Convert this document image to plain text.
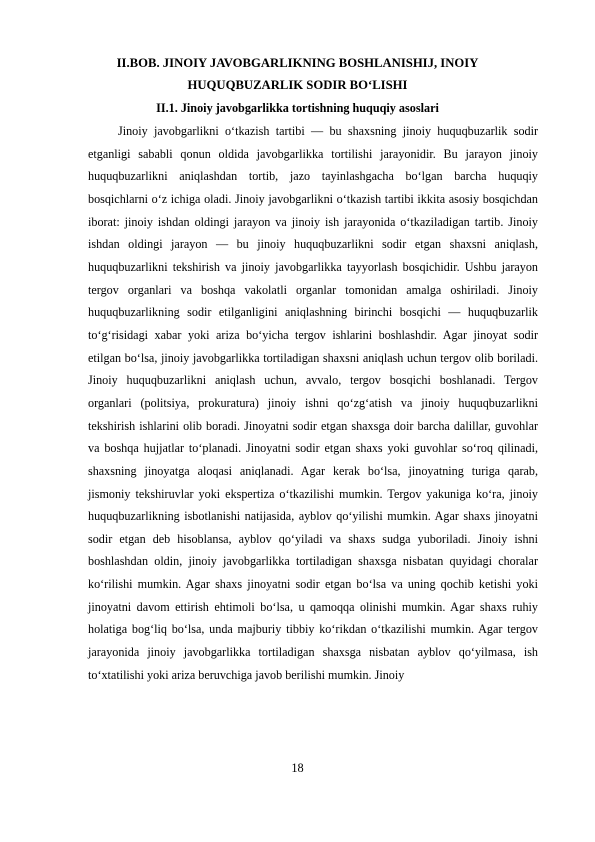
II.BOB. JINOIY JAVOBGARLIKNING BOSHLANISHIJ, INOIY HUQUQBUZARLIK SODIR BO‘LISHI
II.1. Jinoiy javobgarlikka tortishning huquqiy asoslari

Jinoiy javobgarlikni oʻtkazish tartibi — bu shaxsning jinoiy huquqbuzarlik sodir etganligi sababli qonun oldida javobgarlikka tortilishi jarayonidir. Bu jarayon jinoiy huquqbuzarlikni aniqlashdan tortib, jazo tayinlashgacha boʻlgan barcha huquqiy bosqichlarni oʻz ichiga oladi. Jinoiy javobgarlikni oʻtkazish tartibi ikkita asosiy bosqichdan iborat: jinoiy ishdan oldingi jarayon va jinoiy ish jarayonida oʻtkaziladigan tartib. Jinoiy ishdan oldingi jarayon — bu jinoiy huquqbuzarlikni sodir etgan shaxsni aniqlash, huquqbuzarlikni tekshirish va jinoiy javobgarlikka tayyorlash bosqichidir. Ushbu jarayon tergov organlari va boshqa vakolatli organlar tomonidan amalga oshiriladi. Jinoiy huquqbuzarlikning sodir etilganligini aniqlashning birinchi bosqichi — huquqbuzarlik toʻgʻrisidagi xabar yoki ariza boʻyicha tergov ishlarini boshlashdir. Agar jinoyat sodir etilgan boʻlsa, jinoiy javobgarlikka tortiladigan shaxsni aniqlash uchun tergov olib boriladi. Jinoiy huquqbuzarlikni aniqlash uchun, avvalo, tergov bosqichi boshlanadi. Tergov organlari (politsiya, prokuratura) jinoiy ishni qoʻzgʻatish va jinoiy huquqbuzarlikni tekshirish ishlarini olib boradi. Jinoyatni sodir etgan shaxsga doir barcha dalillar, guvohlar va boshqa hujjatlar toʻplanadi. Jinoyatni sodir etgan shaxs yoki guvohlar soʻroq qilinadi, shaxsning jinoyatga aloqasi aniqlanadi. Agar kerak boʻlsa, jinoyatning turiga qarab, jismoniy tekshiruvlar yoki ekspertiza oʻtkazilishi mumkin. Tergov yakuniga koʻra, jinoiy huquqbuzarlikning isbotlanishi natijasida, ayblov qoʻyilishi mumkin. Agar shaxs jinoyatni sodir etgan deb hisoblansa, ayblov qoʻyiladi va shaxs sudga yuboriladi. Jinoiy ishni boshlashdan oldin, jinoiy javobgarlikka tortiladigan shaxsga nisbatan quyidagi choralar koʻrilishi mumkin. Agar shaxs jinoyatni sodir etgan boʻlsa va uning qochib ketishi yoki jinoyatni davom ettirish ehtimoli boʻlsa, u qamoqqa olinishi mumkin. Agar shaxs ruhiy holatiga bogʻliq boʻlsa, unda majburiy tibbiy koʻrikdan oʻtkazilishi mumkin. Agar tergov jarayonida jinoiy javobgarlikka tortiladigan shaxsga nisbatan ayblov qoʻyilmasa, ish toʻxtatilishi yoki ariza beruvchiga javob berilishi mumkin. Jinoiy

18
